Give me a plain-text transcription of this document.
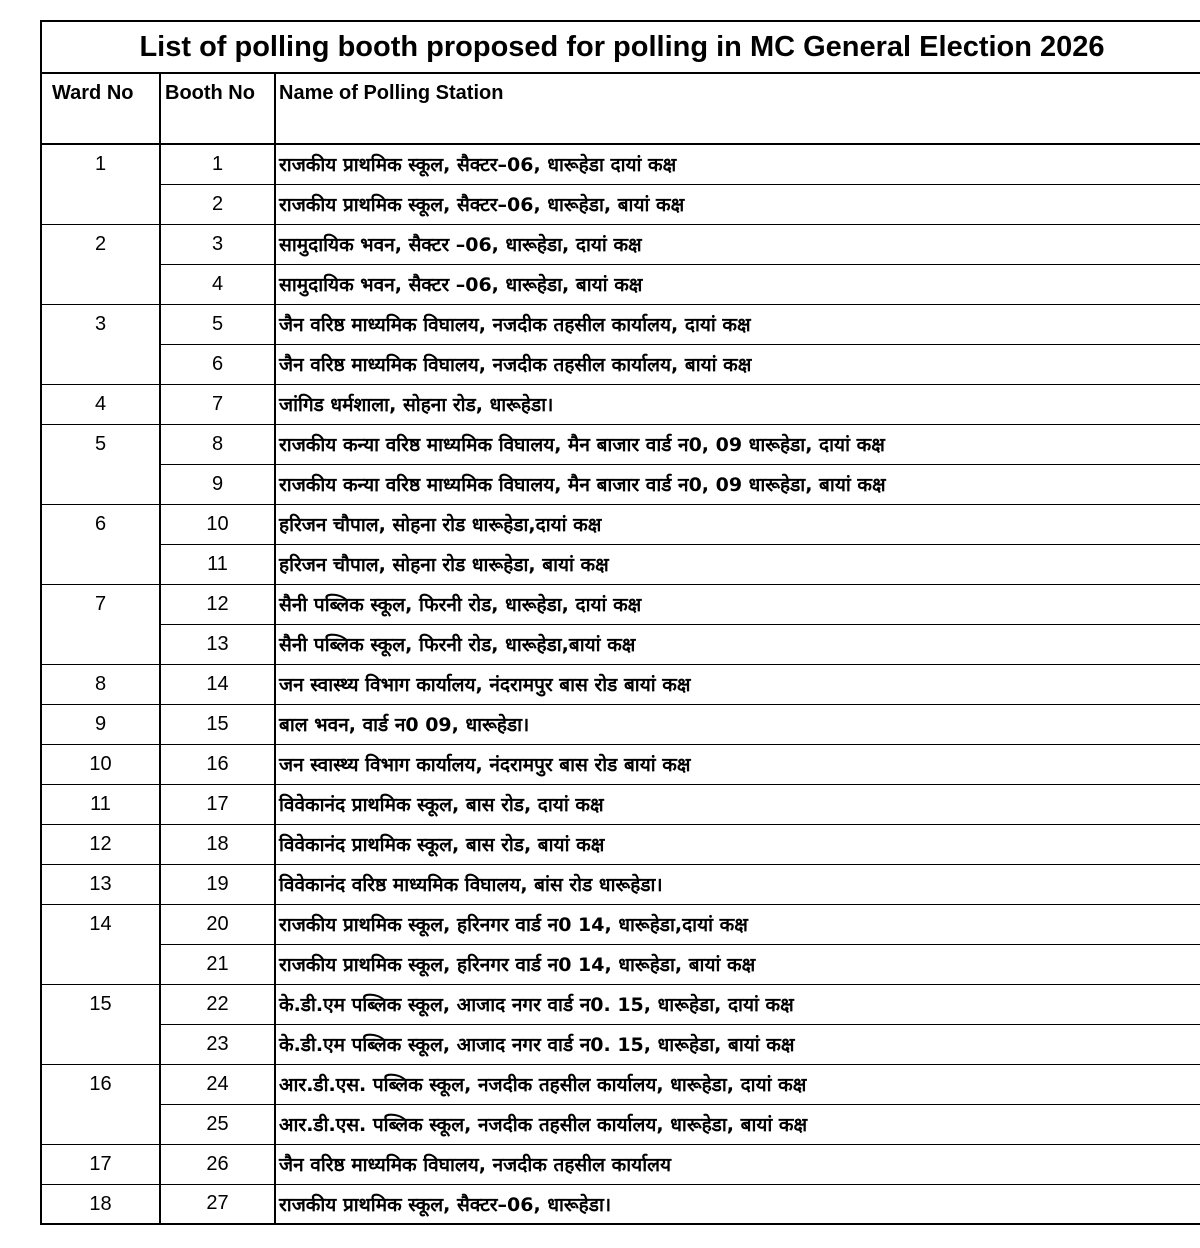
List of polling booth proposed for polling in MC General Election 2026
Ward No	Booth No	Name of Polling Station
1	1	राजकीय प्राथमिक स्कूल, सैक्टर–06, धारूहेडा दायां कक्ष
	2	राजकीय प्राथमिक स्कूल, सैक्टर–06, धारूहेडा, बायां कक्ष
2	3	सामुदायिक भवन, सैक्टर –06, धारूहेडा, दायां कक्ष
	4	सामुदायिक भवन, सैक्टर –06, धारूहेडा, बायां कक्ष
3	5	जैन वरिष्ठ माध्यमिक विघालय, नजदीक तहसील कार्यालय, दायां कक्ष
	6	जैन वरिष्ठ माध्यमिक विघालय, नजदीक तहसील कार्यालय, बायां कक्ष
4	7	जांगिड धर्मशाला, सोहना रोड, धारूहेडा।
5	8	राजकीय कन्या वरिष्ठ माध्यमिक विघालय, मैन बाजार वार्ड न0, 09 धारूहेडा, दायां कक्ष
	9	राजकीय कन्या वरिष्ठ माध्यमिक विघालय, मैन बाजार वार्ड न0, 09 धारूहेडा, बायां कक्ष
6	10	हरिजन चौपाल, सोहना रोड धारूहेडा,दायां कक्ष
	11	हरिजन चौपाल, सोहना रोड धारूहेडा, बायां कक्ष
7	12	सैनी पब्लिक स्कूल, फिरनी रोड, धारूहेडा, दायां कक्ष
	13	सैनी पब्लिक स्कूल, फिरनी रोड, धारूहेडा,बायां कक्ष
8	14	जन स्वास्थ्य विभाग कार्यालय, नंदरामपुर बास रोड बायां कक्ष
9	15	बाल भवन, वार्ड न0 09, धारूहेडा।
10	16	जन स्वास्थ्य विभाग कार्यालय, नंदरामपुर बास रोड बायां कक्ष
11	17	विवेकानंद प्राथमिक स्कूल, बास रोड, दायां कक्ष
12	18	विवेकानंद प्राथमिक स्कूल, बास रोड, बायां कक्ष
13	19	विवेकानंद वरिष्ठ माध्यमिक विघालय, बांस रोड धारूहेडा।
14	20	राजकीय प्राथमिक स्कूल, हरिनगर वार्ड न0 14, धारूहेडा,दायां कक्ष
	21	राजकीय प्राथमिक स्कूल, हरिनगर वार्ड न0 14, धारूहेडा, बायां कक्ष
15	22	के.डी.एम पब्लिक स्कूल, आजाद नगर वार्ड न0. 15, धारूहेडा, दायां कक्ष
	23	के.डी.एम पब्लिक स्कूल, आजाद नगर वार्ड न0. 15, धारूहेडा, बायां कक्ष
16	24	आर.डी.एस. पब्लिक स्कूल, नजदीक तहसील कार्यालय, धारूहेडा, दायां कक्ष
	25	आर.डी.एस. पब्लिक स्कूल, नजदीक तहसील कार्यालय, धारूहेडा, बायां कक्ष
17	26	जैन वरिष्ठ माध्यमिक विघालय, नजदीक तहसील कार्यालय
18	27	राजकीय प्राथमिक स्कूल, सैक्टर–06, धारूहेडा।
